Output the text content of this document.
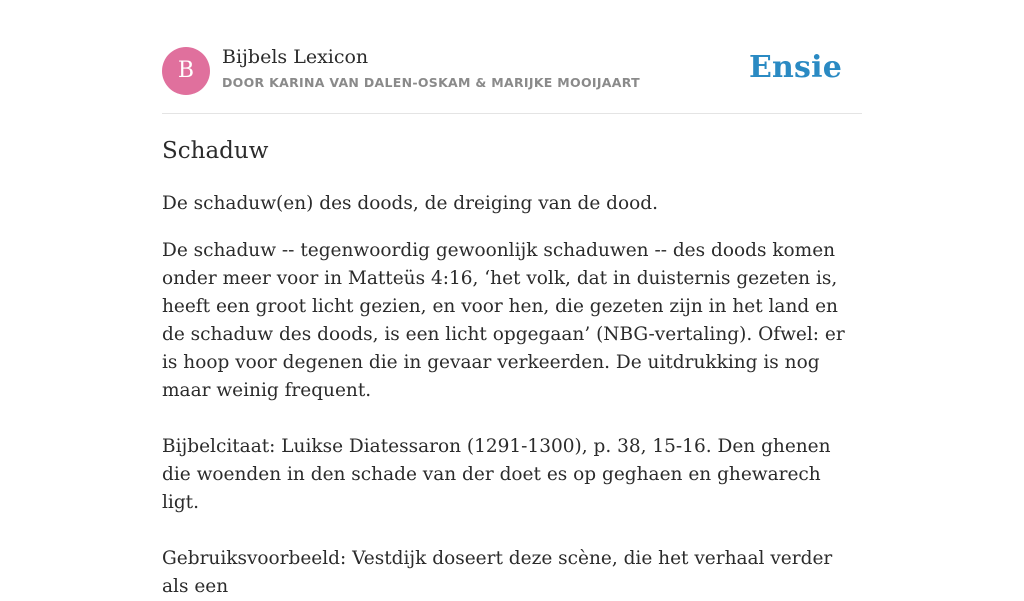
B
Bijbels Lexicon
DOOR KARINA VAN DALEN-OSKAM & MARIJKE MOOIJAART	Ensie
Schaduw

De schaduw(en) des doods, de dreiging van de dood.

De schaduw -- tegenwoordig gewoonlijk schaduwen -- des doods komen onder meer voor in Matteüs 4:16, ‘het volk, dat in duisternis gezeten is, heeft een groot licht gezien, en voor hen, die gezeten zijn in het land en de schaduw des doods, is een licht opgegaan’ (NBG-vertaling). Ofwel: er is hoop voor degenen die in gevaar verkeerden. De uitdrukking is nog maar weinig frequent.

Bijbelcitaat: Luikse Diatessaron (1291-1300), p. 38, 15-16. Den ghenen die woenden in den schade van der doet es op geghaen en ghewarech ligt.

Gebruiksvoorbeeld: Vestdijk doseert deze scène, die het verhaal verder als een
